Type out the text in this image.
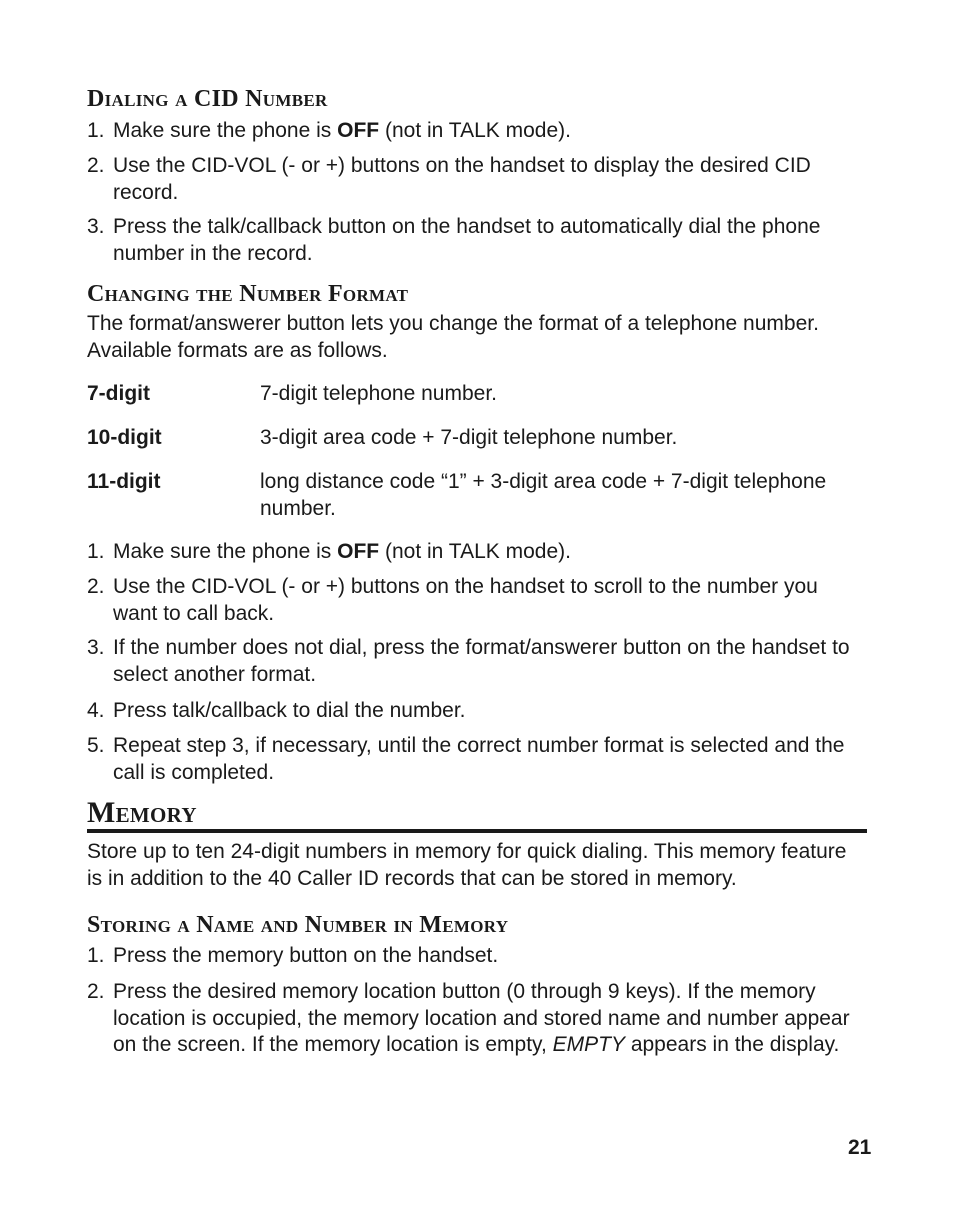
Dialing a CID Number
1. Make sure the phone is OFF (not in TALK mode).
2. Use the CID-VOL (- or +) buttons on the handset to display the desired CID record.
3. Press the talk/callback button on the handset to automatically dial the phone number in the record.
Changing the Number Format
The format/answerer button lets you change the format of a telephone number. Available formats are as follows.
7-digit	7-digit telephone number.
10-digit	3-digit area code + 7-digit telephone number.
11-digit	long distance code “1” + 3-digit area code + 7-digit telephone number.
1. Make sure the phone is OFF (not in TALK mode).
2. Use the CID-VOL (- or +) buttons on the handset to scroll to the number you want to call back.
3. If the number does not dial, press the format/answerer button on the handset to select another format.
4. Press talk/callback to dial the number.
5. Repeat step 3, if necessary, until the correct number format is selected and the call is completed.
Memory
Store up to ten 24-digit numbers in memory for quick dialing. This memory feature is in addition to the 40 Caller ID records that can be stored in memory.
Storing a Name and Number in Memory
1. Press the memory button on the handset.
2. Press the desired memory location button (0 through 9 keys). If the memory location is occupied, the memory location and stored name and number appear on the screen. If the memory location is empty, EMPTY appears in the display.
21
